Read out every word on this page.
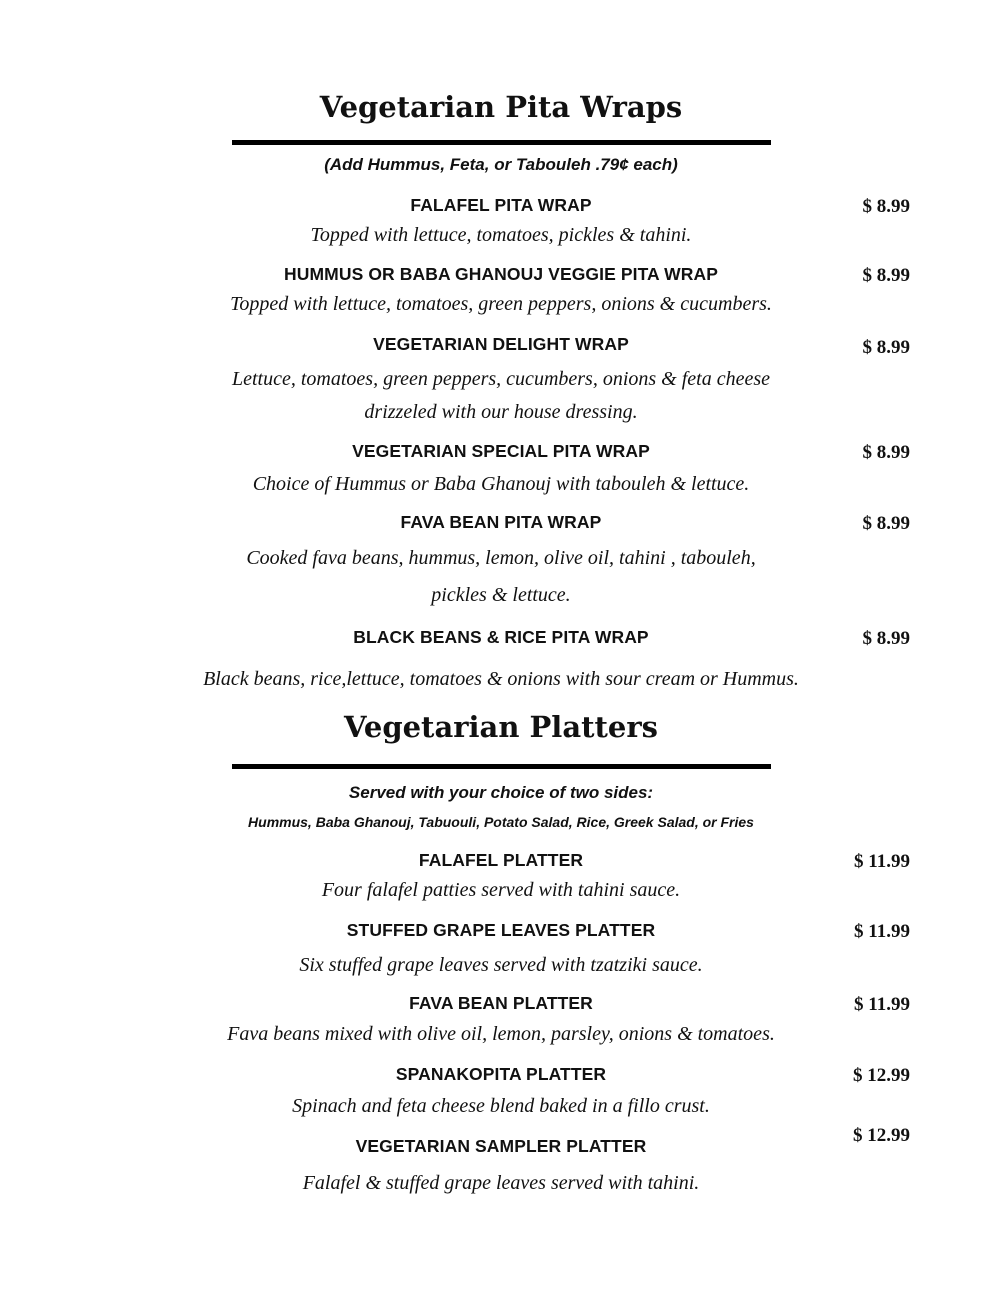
Vegetarian Pita Wraps
(Add Hummus, Feta, or Tabouleh .79¢ each)
FALAFEL PITA WRAP	$ 8.99
Topped with lettuce, tomatoes, pickles & tahini.
HUMMUS OR BABA GHANOUJ VEGGIE PITA WRAP	$ 8.99
Topped with lettuce, tomatoes, green peppers, onions & cucumbers.
VEGETARIAN DELIGHT WRAP	$ 8.99
Lettuce, tomatoes, green peppers, cucumbers, onions & feta cheese
drizzeled with our house dressing.
VEGETARIAN SPECIAL PITA WRAP	$ 8.99
Choice of Hummus or Baba Ghanouj with tabouleh & lettuce.
FAVA BEAN PITA WRAP	$ 8.99
Cooked fava beans, hummus, lemon, olive oil, tahini , tabouleh,
pickles & lettuce.
BLACK BEANS & RICE PITA WRAP	$ 8.99
Black beans, rice,lettuce, tomatoes & onions with sour cream or Hummus.
Vegetarian Platters
Served with your choice of two sides:
Hummus, Baba Ghanouj, Tabuouli, Potato Salad, Rice, Greek Salad, or Fries
FALAFEL PLATTER	$ 11.99
Four falafel patties served with tahini sauce.
STUFFED GRAPE LEAVES PLATTER	$ 11.99
Six stuffed grape leaves served with tzatziki sauce.
FAVA BEAN PLATTER	$ 11.99
Fava beans mixed with olive oil, lemon, parsley, onions & tomatoes.
SPANAKOPITA PLATTER	$ 12.99
Spinach and feta cheese blend baked in a fillo crust.
VEGETARIAN SAMPLER PLATTER	$ 12.99
Falafel & stuffed grape leaves served with tahini.
